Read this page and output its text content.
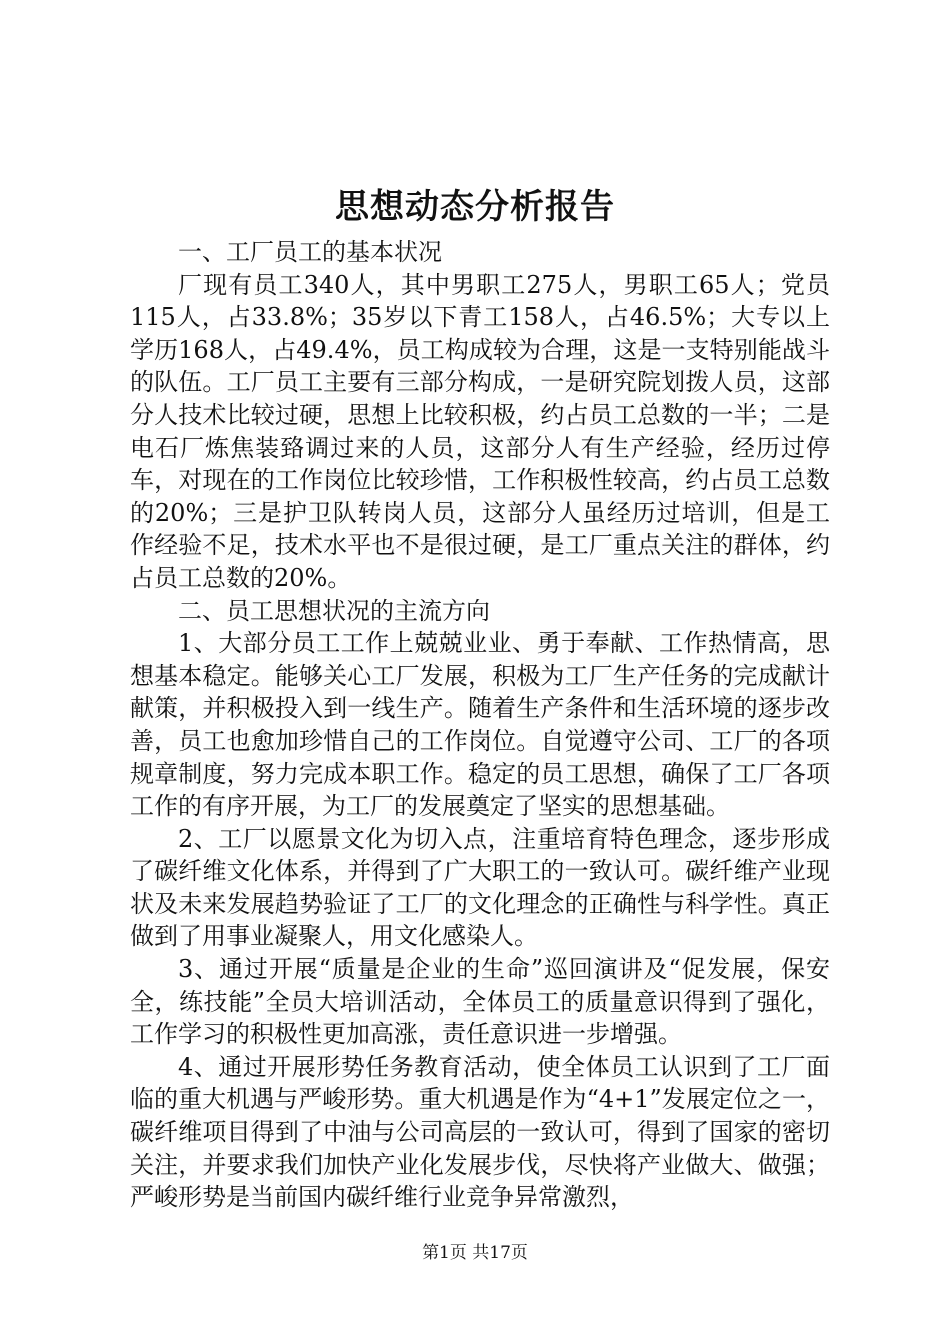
思想动态分析报告

一、工厂员工的基本状况

厂现有员工340人，其中男职工275人，男职工65人；党员115人，占33.8%；35岁以下青工158人，占46.5%；大专以上学历168人，占49.4%，员工构成较为合理，这是一支特别能战斗的队伍。工厂员工主要有三部分构成，一是研究院划拨人员，这部分人技术比较过硬，思想上比较积极，约占员工总数的一半；二是电石厂炼焦装臵调过来的人员，这部分人有生产经验，经历过停车，对现在的工作岗位比较珍惜，工作积极性较高，约占员工总数的20%；三是护卫队转岗人员，这部分人虽经历过培训，但是工作经验不足，技术水平也不是很过硬，是工厂重点关注的群体，约占员工总数的20%。

二、员工思想状况的主流方向

1、大部分员工工作上兢兢业业、勇于奉献、工作热情高，思想基本稳定。能够关心工厂发展，积极为工厂生产任务的完成献计献策，并积极投入到一线生产。随着生产条件和生活环境的逐步改善，员工也愈加珍惜自己的工作岗位。自觉遵守公司、工厂的各项规章制度，努力完成本职工作。稳定的员工思想，确保了工厂各项工作的有序开展，为工厂的发展奠定了坚实的思想基础。

2、工厂以愿景文化为切入点，注重培育特色理念，逐步形成了碳纤维文化体系，并得到了广大职工的一致认可。碳纤维产业现状及未来发展趋势验证了工厂的文化理念的正确性与科学性。真正做到了用事业凝聚人，用文化感染人。

3、通过开展“质量是企业的生命”巡回演讲及“促发展，保安全，练技能”全员大培训活动，全体员工的质量意识得到了强化，工作学习的积极性更加高涨，责任意识进一步增强。

4、通过开展形势任务教育活动，使全体员工认识到了工厂面临的重大机遇与严峻形势。重大机遇是作为“4+1”发展定位之一，碳纤维项目得到了中油与公司高层的一致认可，得到了国家的密切关注，并要求我们加快产业化发展步伐，尽快将产业做大、做强；严峻形势是当前国内碳纤维行业竞争异常激烈，

第1页 共17页
